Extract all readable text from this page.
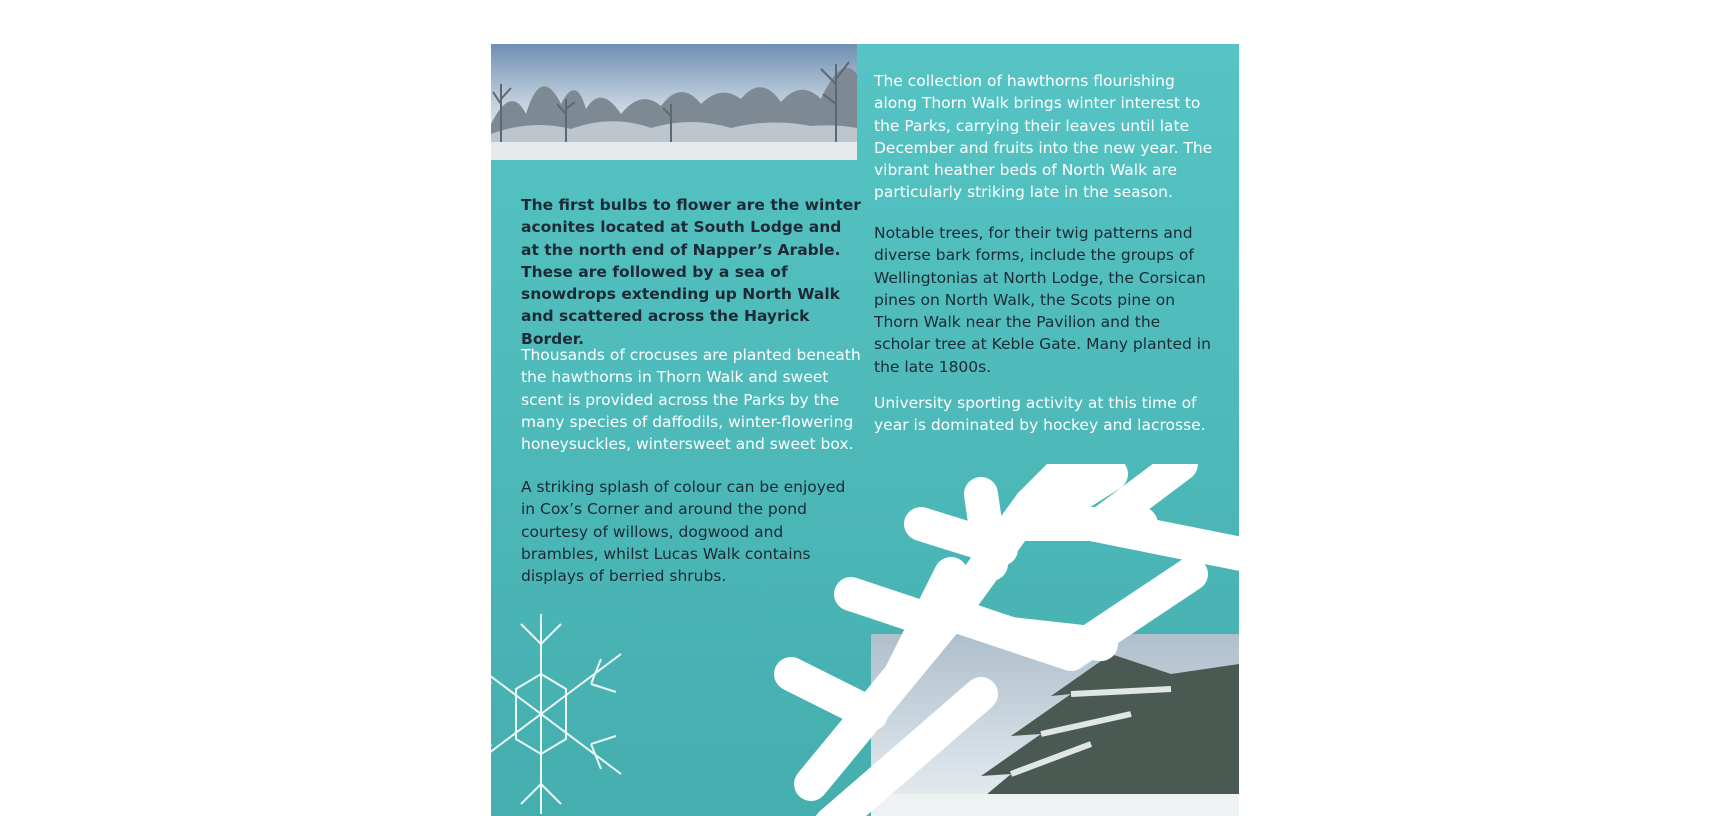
The first bulbs to flower are the winter aconites located at South Lodge and at the north end of Napper’s Arable. These are followed by a sea of snowdrops extending up North Walk and scattered across the Hayrick Border.

Thousands of crocuses are planted beneath the hawthorns in Thorn Walk and sweet scent is provided across the Parks by the many species of daffodils, winter-flowering honeysuckles, wintersweet and sweet box.

A striking splash of colour can be enjoyed in Cox’s Corner and around the pond courtesy of willows, dogwood and brambles, whilst Lucas Walk contains displays of berried shrubs.

The collection of hawthorns flourishing along Thorn Walk brings winter interest to the Parks, carrying their leaves until late December and fruits into the new year. The vibrant heather beds of North Walk are particularly striking late in the season.

Notable trees, for their twig patterns and diverse bark forms, include the groups of Wellingtonias at North Lodge, the Corsican pines on North Walk, the Scots pine on Thorn Walk near the Pavilion and the scholar tree at Keble Gate. Many planted in the late 1800s.

University sporting activity at this time of year is dominated by hockey and lacrosse.
